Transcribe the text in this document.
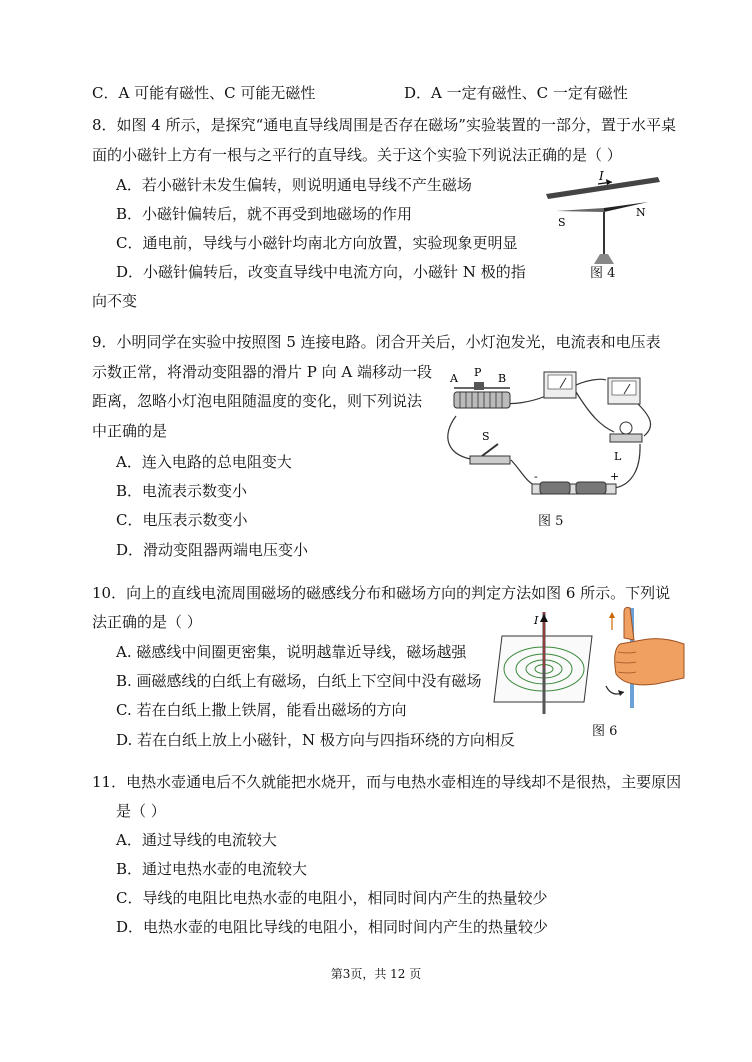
C．A 可能有磁性、C 可能无磁性	D．A 一定有磁性、C 一定有磁性
8．如图 4 所示，是探究“通电直导线周围是否存在磁场”实验装置的一部分，置于水平桌
面的小磁针上方有一根与之平行的直导线。关于这个实验下列说法正确的是（ ）
A．若小磁针未发生偏转，则说明通电导线不产生磁场
B．小磁针偏转后，就不再受到地磁场的作用
C．通电前，导线与小磁针均南北方向放置，实验现象更明显
D．小磁针偏转后，改变直导线中电流方向，小磁针 N 极的指
向不变
I
S
N
图 4
9．小明同学在实验中按照图 5 连接电路。闭合开关后，小灯泡发光，电流表和电压表
示数正常，将滑动变阻器的滑片 P 向 A 端移动一段
距离，忽略小灯泡电阻随温度的变化，则下列说法
中正确的是
A．连入电路的总电阻变大
B．电流表示数变小
C．电压表示数变小
D．滑动变阻器两端电压变小
A P B
L
S
-	+
图 5
10．向上的直线电流周围磁场的磁感线分布和磁场方向的判定方法如图 6 所示。下列说
法正确的是（ ）
A. 磁感线中间圈更密集，说明越靠近导线，磁场越强
B. 画磁感线的白纸上有磁场，白纸上下空间中没有磁场
C. 若在白纸上撒上铁屑，能看出磁场的方向
D. 若在白纸上放上小磁针，N 极方向与四指环绕的方向相反
I
图 6
11．电热水壶通电后不久就能把水烧开，而与电热水壶相连的导线却不是很热，主要原因
是（ ）
A．通过导线的电流较大
B．通过电热水壶的电流较大
C．导线的电阻比电热水壶的电阻小，相同时间内产生的热量较少
D．电热水壶的电阻比导线的电阻小，相同时间内产生的热量较少
第3页，共 12 页
